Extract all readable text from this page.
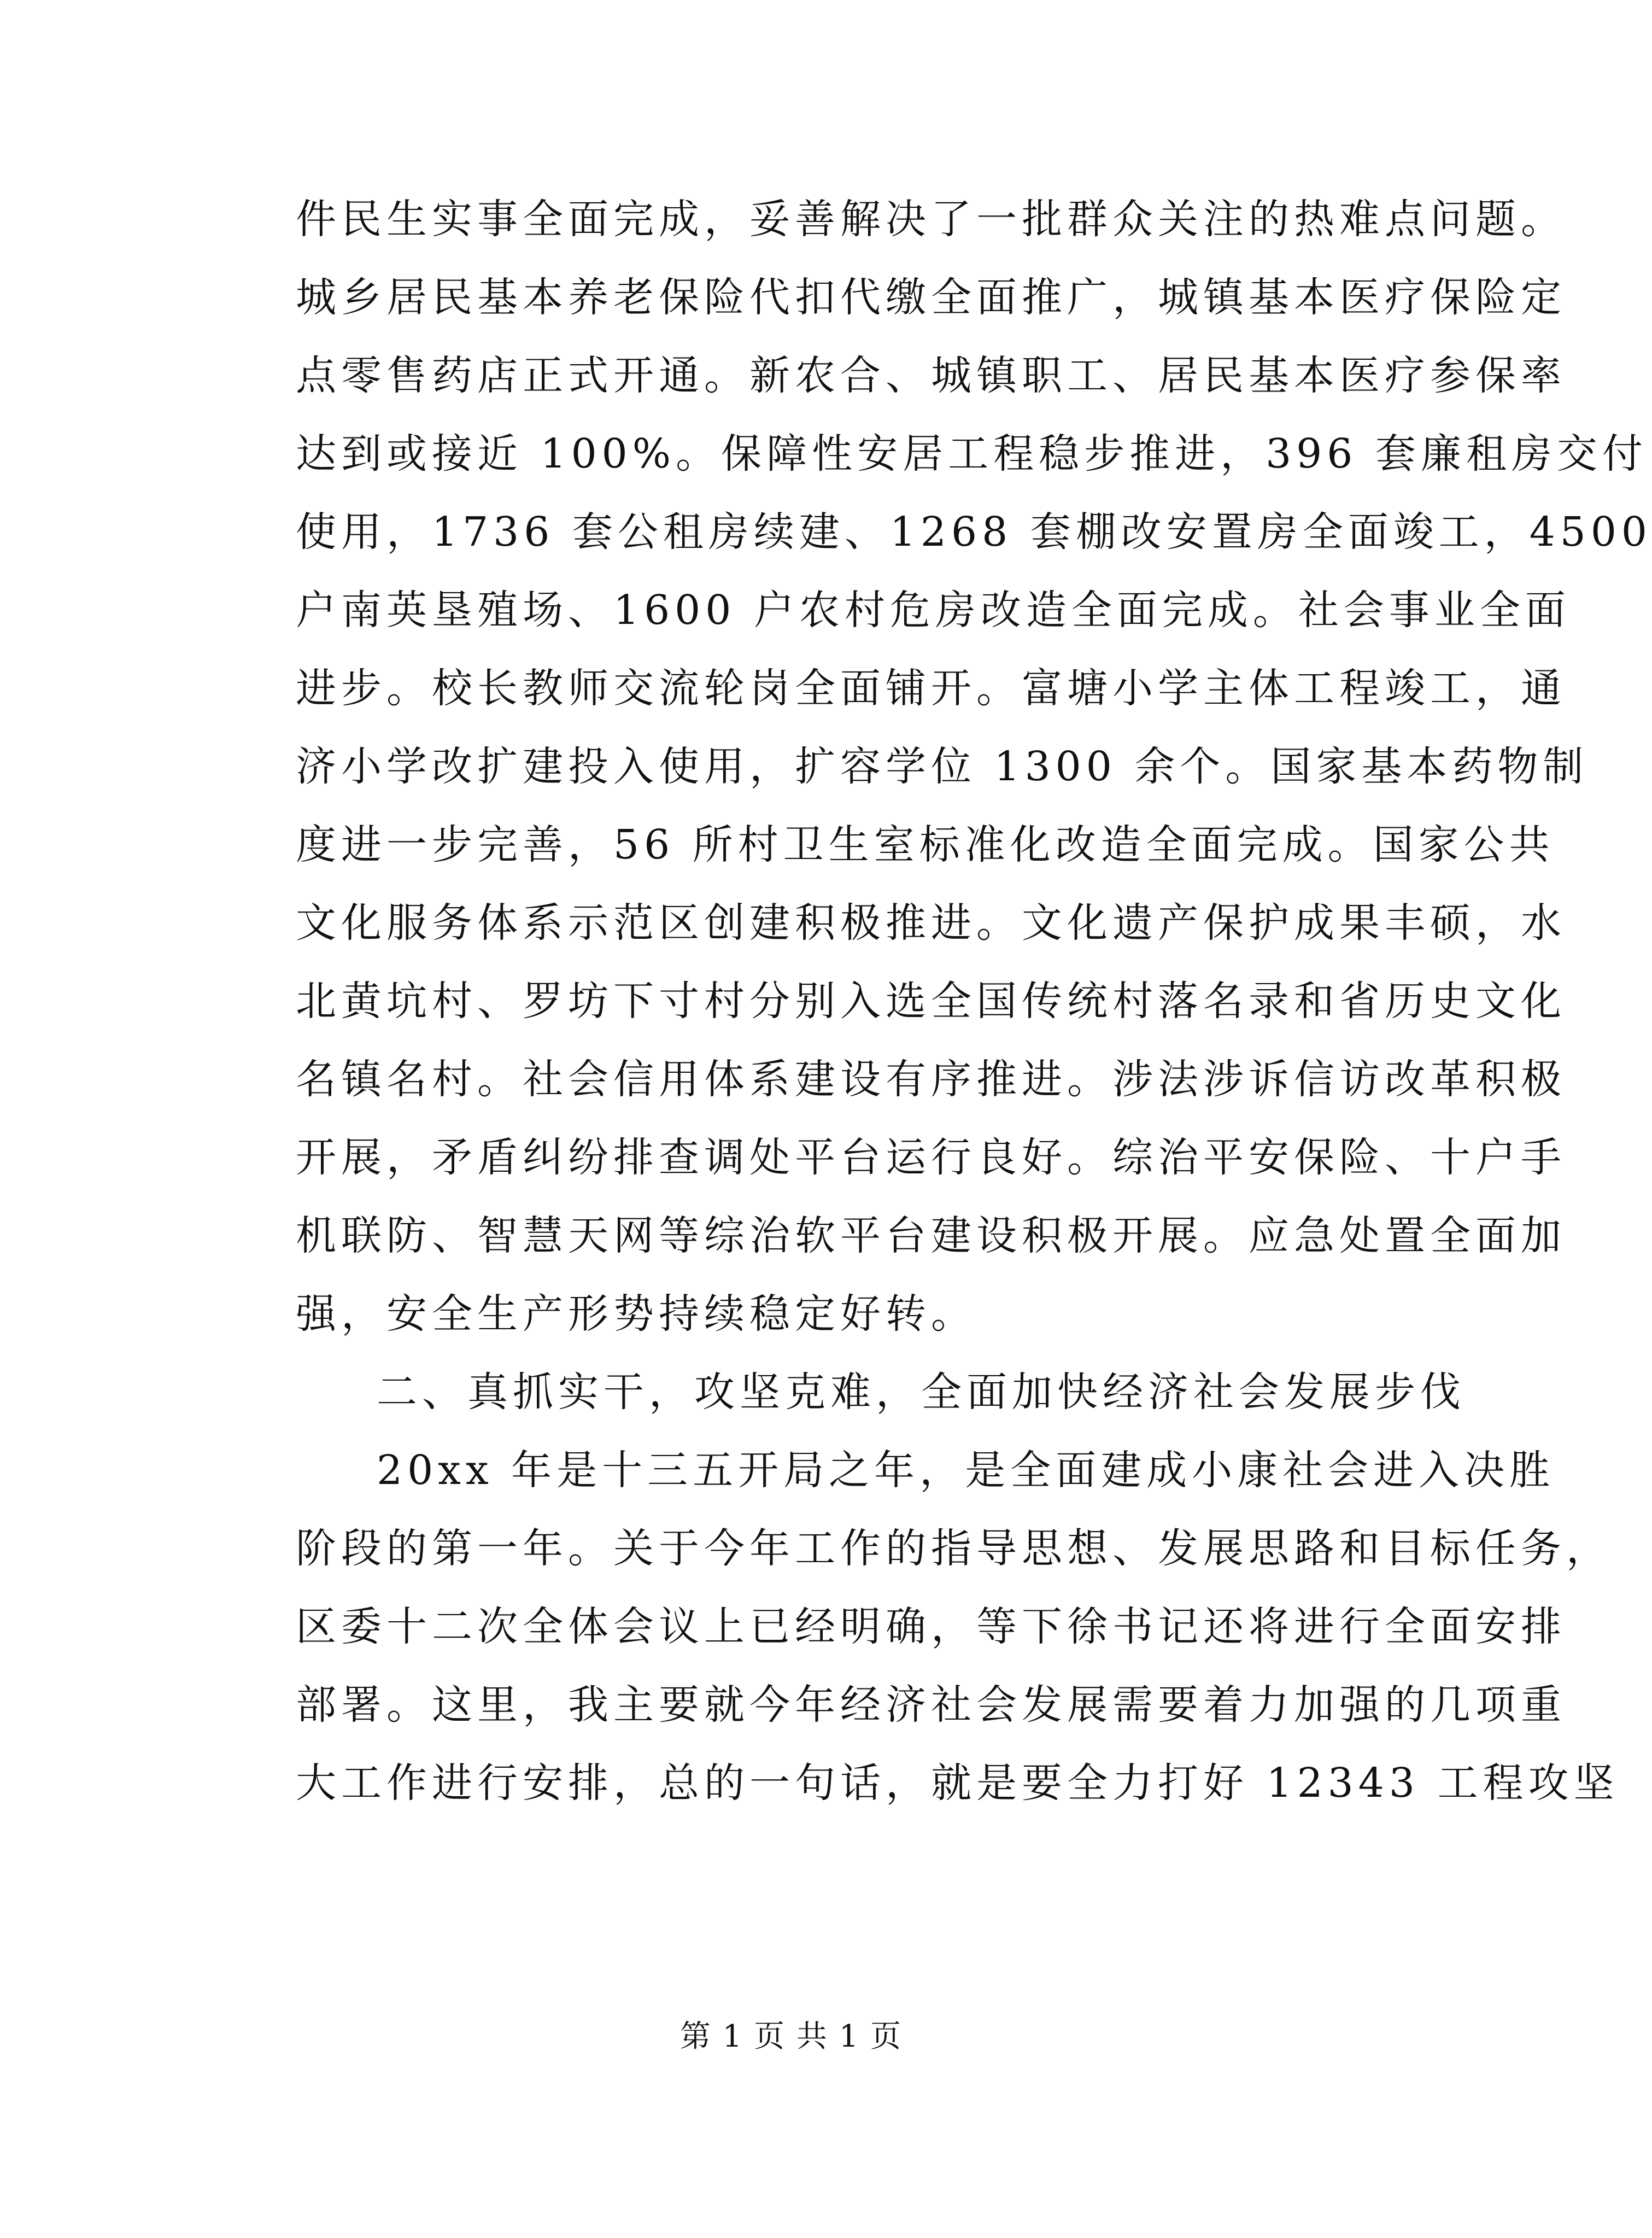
件民生实事全面完成，妥善解决了一批群众关注的热难点问题。
城乡居民基本养老保险代扣代缴全面推广，城镇基本医疗保险定
点零售药店正式开通。新农合、城镇职工、居民基本医疗参保率
达到或接近 100%。保障性安居工程稳步推进，396 套廉租房交付
使用，1736 套公租房续建、1268 套棚改安置房全面竣工，4500
户南英垦殖场、1600 户农村危房改造全面完成。社会事业全面
进步。校长教师交流轮岗全面铺开。富塘小学主体工程竣工，通
济小学改扩建投入使用，扩容学位 1300 余个。国家基本药物制
度进一步完善，56 所村卫生室标准化改造全面完成。国家公共
文化服务体系示范区创建积极推进。文化遗产保护成果丰硕，水
北黄坑村、罗坊下寸村分别入选全国传统村落名录和省历史文化
名镇名村。社会信用体系建设有序推进。涉法涉诉信访改革积极
开展，矛盾纠纷排查调处平台运行良好。综治平安保险、十户手
机联防、智慧天网等综治软平台建设积极开展。应急处置全面加
强，安全生产形势持续稳定好转。
二、真抓实干，攻坚克难，全面加快经济社会发展步伐
20xx 年是十三五开局之年，是全面建成小康社会进入决胜
阶段的第一年。关于今年工作的指导思想、发展思路和目标任务，
区委十二次全体会议上已经明确，等下徐书记还将进行全面安排
部署。这里，我主要就今年经济社会发展需要着力加强的几项重
大工作进行安排，总的一句话，就是要全力打好 12343 工程攻坚
第 1 页 共 1 页
